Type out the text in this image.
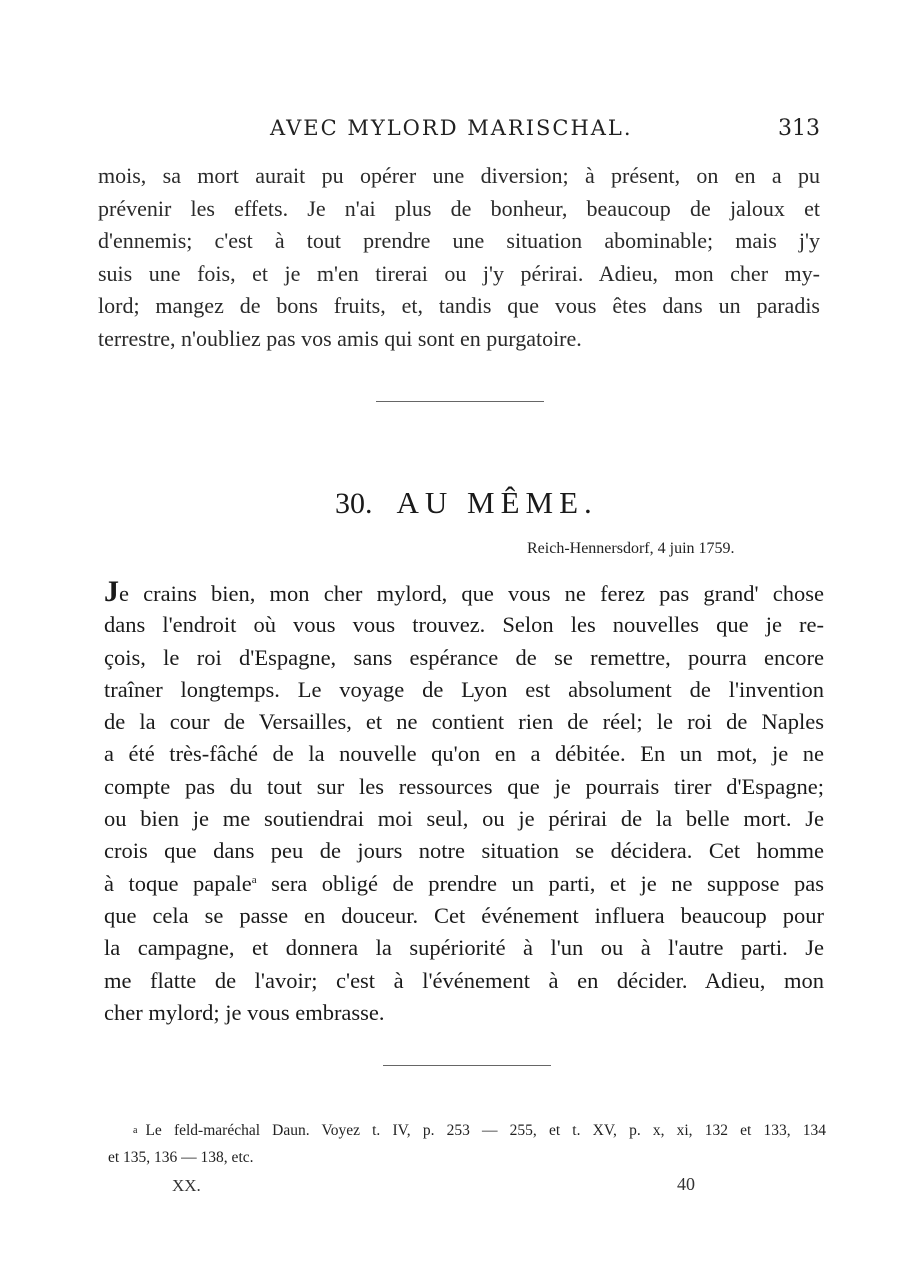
AVEC MYLORD MARISCHAL.	313
mois, sa mort aurait pu opérer une diversion; à présent, on en a pu
prévenir les effets. Je n'ai plus de bonheur, beaucoup de jaloux et
d'ennemis; c'est à tout prendre une situation abominable; mais j'y
suis une fois, et je m'en tirerai ou j'y périrai. Adieu, mon cher my-
lord; mangez de bons fruits, et, tandis que vous êtes dans un paradis
terrestre, n'oubliez pas vos amis qui sont en purgatoire.
30. AU MÊME.
Reich-Hennersdorf, 4 juin 1759.
Je crains bien, mon cher mylord, que vous ne ferez pas grand' chose
dans l'endroit où vous vous trouvez. Selon les nouvelles que je re-
çois, le roi d'Espagne, sans espérance de se remettre, pourra encore
traîner longtemps. Le voyage de Lyon est absolument de l'invention
de la cour de Versailles, et ne contient rien de réel; le roi de Naples
a été très-fâché de la nouvelle qu'on en a débitée. En un mot, je ne
compte pas du tout sur les ressources que je pourrais tirer d'Espagne;
ou bien je me soutiendrai moi seul, ou je périrai de la belle mort. Je
crois que dans peu de jours notre situation se décidera. Cet homme
à toque papale$^a$ sera obligé de prendre un parti, et je ne suppose pas
que cela se passe en douceur. Cet événement influera beaucoup pour
la campagne, et donnera la supériorité à l'un ou à l'autre parti. Je
me flatte de l'avoir; c'est à l'événement à en décider. Adieu, mon
cher mylord; je vous embrasse.
a Le feld-maréchal Daun. Voyez t. IV, p. 253 — 255, et t. XV, p. x, xi, 132 et 133, 134
et 135, 136 — 138, etc.
XX.	40
